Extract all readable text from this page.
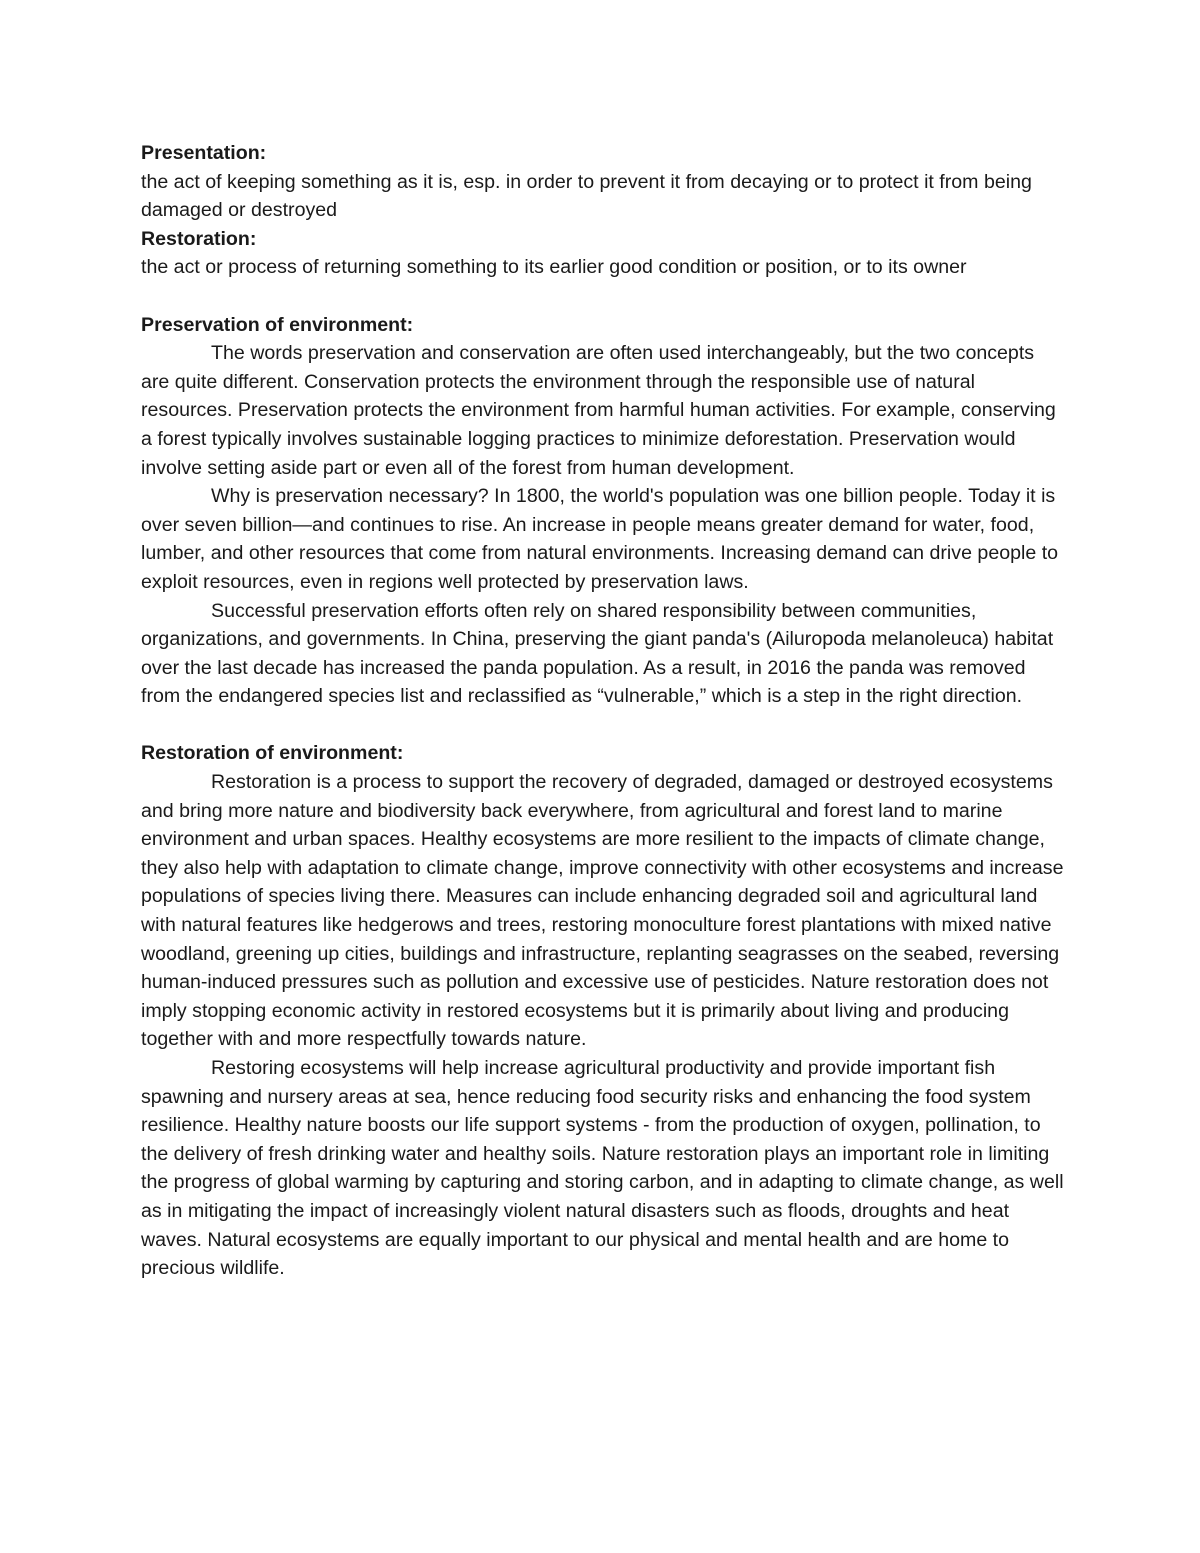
Presentation:

the act of keeping something as it is, esp. in order to prevent it from decaying or to protect it from being damaged or destroyed

Restoration:

the act or process of returning something to its earlier good condition or position, or to its owner

Preservation of environment:

The words preservation and conservation are often used interchangeably, but the two concepts are quite different. Conservation protects the environment through the responsible use of natural resources. Preservation protects the environment from harmful human activities. For example, conserving a forest typically involves sustainable logging practices to minimize deforestation. Preservation would involve setting aside part or even all of the forest from human development.

Why is preservation necessary? In 1800, the world's population was one billion people. Today it is over seven billion—and continues to rise. An increase in people means greater demand for water, food, lumber, and other resources that come from natural environments. Increasing demand can drive people to exploit resources, even in regions well protected by preservation laws.

Successful preservation efforts often rely on shared responsibility between communities, organizations, and governments. In China, preserving the giant panda's (Ailuropoda melanoleuca) habitat over the last decade has increased the panda population. As a result, in 2016 the panda was removed from the endangered species list and reclassified as “vulnerable,” which is a step in the right direction.

Restoration of environment:

Restoration is a process to support the recovery of degraded, damaged or destroyed ecosystems and bring more nature and biodiversity back everywhere, from agricultural and forest land to marine environment and urban spaces. Healthy ecosystems are more resilient to the impacts of climate change, they also help with adaptation to climate change, improve connectivity with other ecosystems and increase populations of species living there. Measures can include enhancing degraded soil and agricultural land with natural features like hedgerows and trees, restoring monoculture forest plantations with mixed native woodland, greening up cities, buildings and infrastructure, replanting seagrasses on the seabed, reversing human-induced pressures such as pollution and excessive use of pesticides. Nature restoration does not imply stopping economic activity in restored ecosystems but it is primarily about living and producing together with and more respectfully towards nature.

Restoring ecosystems will help increase agricultural productivity and provide important fish spawning and nursery areas at sea, hence reducing food security risks and enhancing the food system resilience. Healthy nature boosts our life support systems - from the production of oxygen, pollination, to the delivery of fresh drinking water and healthy soils. Nature restoration plays an important role in limiting the progress of global warming by capturing and storing carbon, and in adapting to climate change, as well as in mitigating the impact of increasingly violent natural disasters such as floods, droughts and heat waves. Natural ecosystems are equally important to our physical and mental health and are home to precious wildlife.
